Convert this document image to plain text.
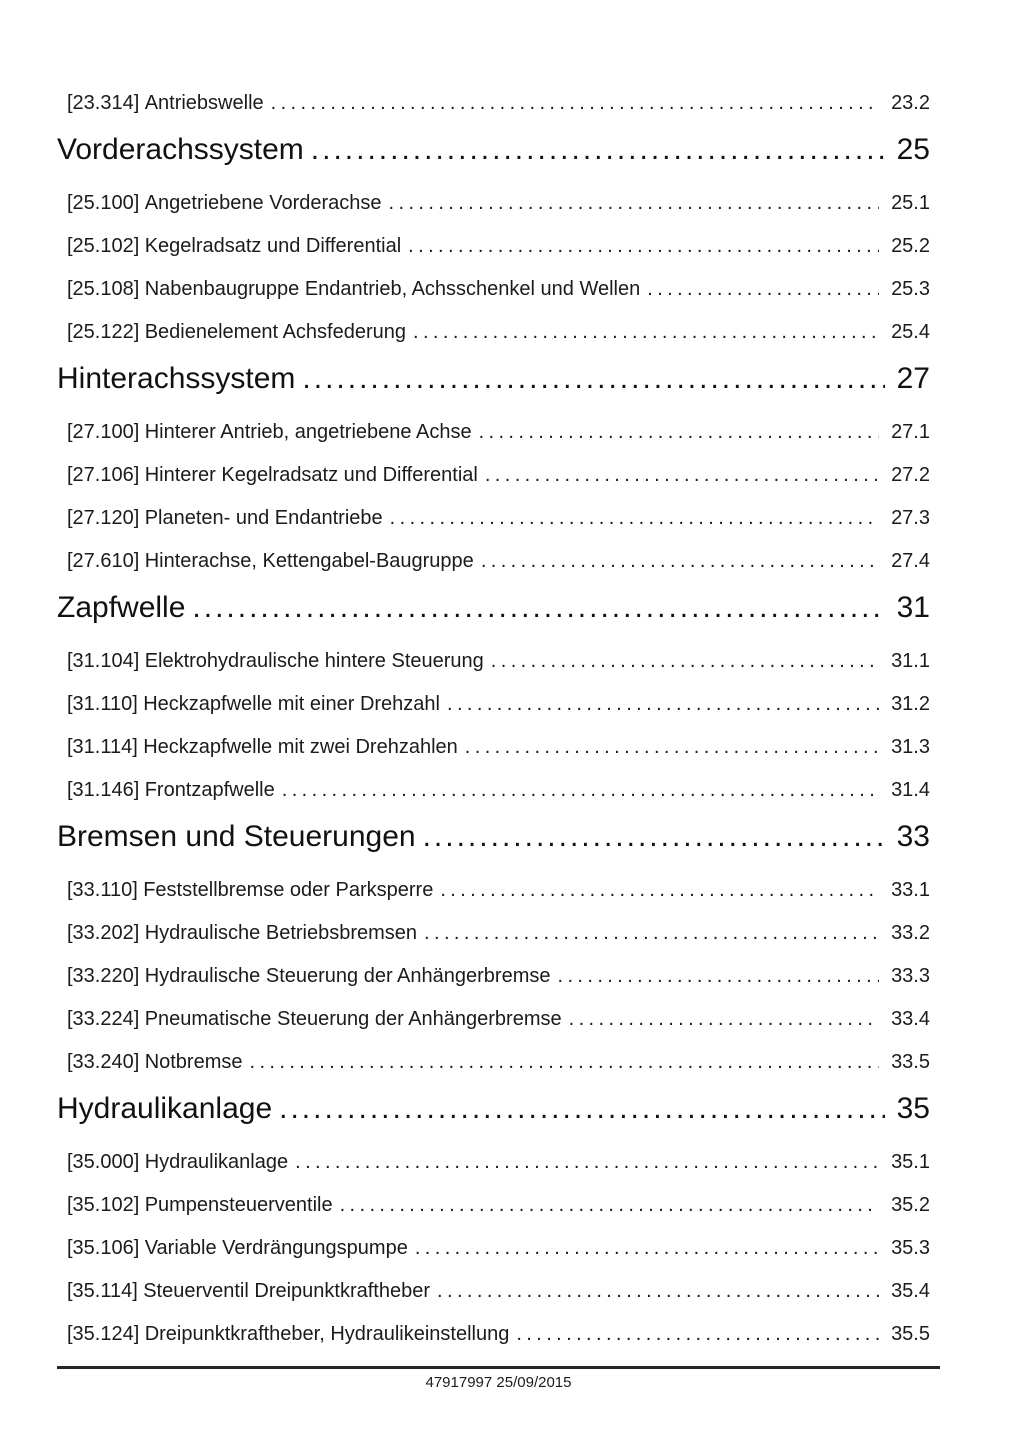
[23.314] Antriebswelle .....	23.2
Vorderachssystem .....	25
[25.100] Angetriebene Vorderachse .....	25.1
[25.102] Kegelradsatz und Differential .....	25.2
[25.108] Nabenbaugruppe Endantrieb, Achsschenkel und Wellen .....	25.3
[25.122] Bedienelement Achsfederung .....	25.4
Hinterachssystem .....	27
[27.100] Hinterer Antrieb, angetriebene Achse .....	27.1
[27.106] Hinterer Kegelradsatz und Differential .....	27.2
[27.120] Planeten- und Endantriebe .....	27.3
[27.610] Hinterachse, Kettengabel-Baugruppe .....	27.4
Zapfwelle .....	31
[31.104] Elektrohydraulische hintere Steuerung .....	31.1
[31.110] Heckzapfwelle mit einer Drehzahl .....	31.2
[31.114] Heckzapfwelle mit zwei Drehzahlen .....	31.3
[31.146] Frontzapfwelle .....	31.4
Bremsen und Steuerungen .....	33
[33.110] Feststellbremse oder Parksperre .....	33.1
[33.202] Hydraulische Betriebsbremsen .....	33.2
[33.220] Hydraulische Steuerung der Anhängerbremse .....	33.3
[33.224] Pneumatische Steuerung der Anhängerbremse .....	33.4
[33.240] Notbremse .....	33.5
Hydraulikanlage .....	35
[35.000] Hydraulikanlage .....	35.1
[35.102] Pumpensteuerventile .....	35.2
[35.106] Variable Verdrängungspumpe .....	35.3
[35.114] Steuerventil Dreipunktkraftheber .....	35.4
[35.124] Dreipunktkraftheber, Hydraulikeinstellung .....	35.5
47917997 25/09/2015
